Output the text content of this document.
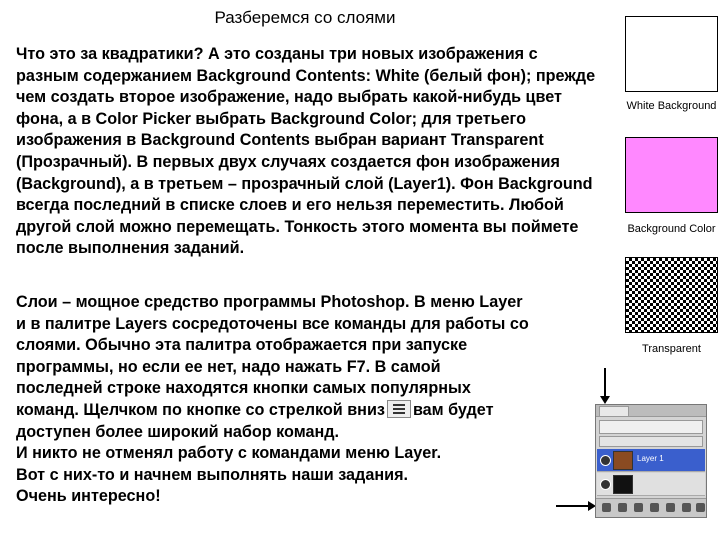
Разберемся со слоями

Что это за квадратики? А это созданы три новых изображения с разным содержанием Background Contents: White (белый фон); прежде чем создать второе изображение, надо выбрать какой-нибудь цвет фона, а в Color Picker выбрать Background Color; для третьего изображения в Background Contents выбран вариант Transparent (Прозрачный). В первых двух случаях создается фон изображения (Background), а в третьем – прозрачный слой (Layer1). Фон Background всегда последний в списке слоев и его нельзя переместить. Любой другой слой можно перемещать. Тонкость этого момента вы поймете после выполнения заданий.

Слои – мощное средство программы Photoshop. В меню Layer
и в палитре Layers сосредоточены все команды для работы со
слоями. Обычно эта палитра отображается при запуске
программы, но если ее нет, надо нажать F7. В самой
последней строке находятся кнопки самых популярных
команд. Щелчком по кнопке со стрелкой вниз вам будет
доступен более широкий набор команд.
И никто не отменял работу с командами меню Layer.
Вот с них-то и начнем выполнять наши задания.
Очень интересно!

White Background
Background Color
Transparent
Layer 1
